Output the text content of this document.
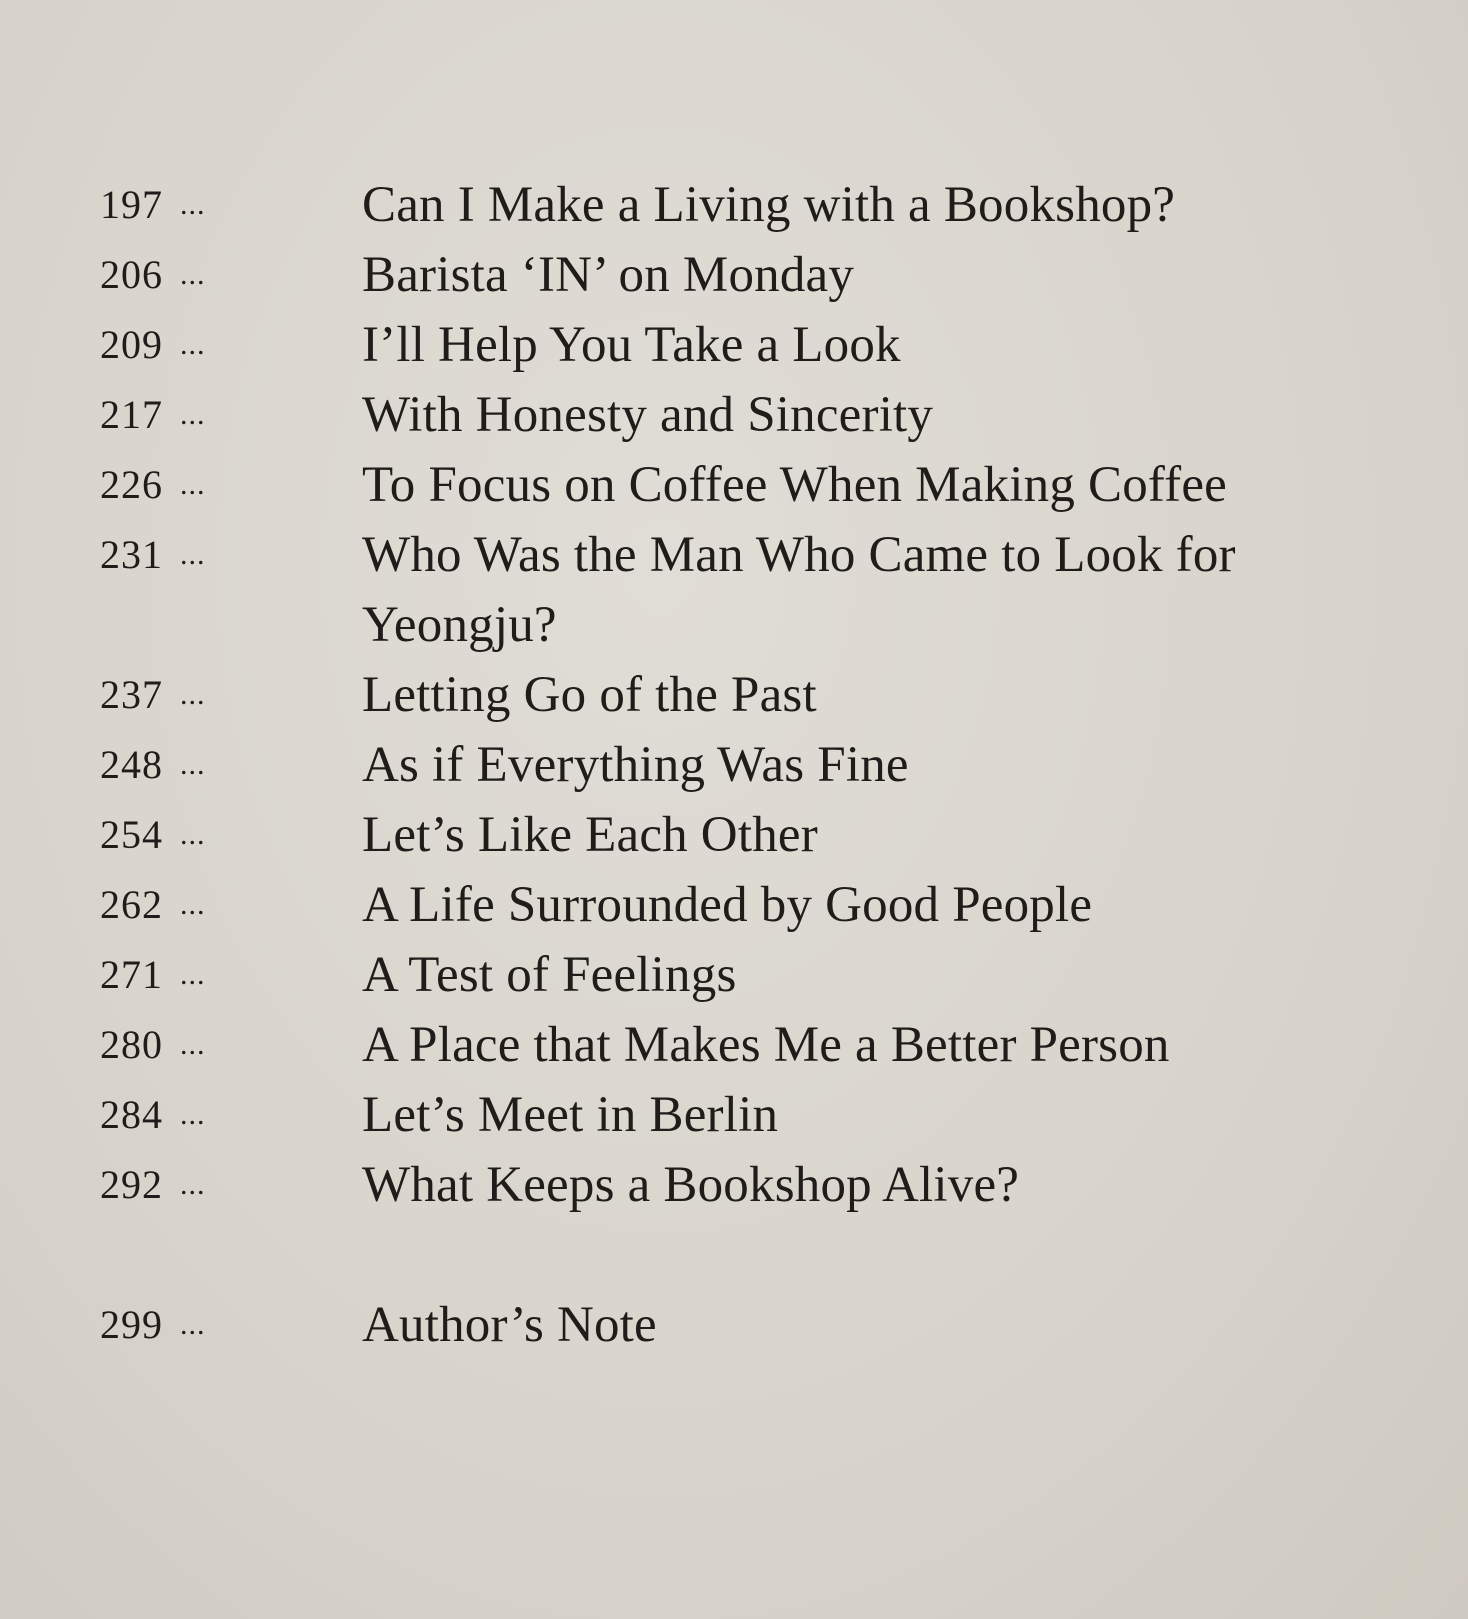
197 ...	Can I Make a Living with a Bookshop?
206 ...	Barista ‘IN’ on Monday
209 ...	I’ll Help You Take a Look
217 ...	With Honesty and Sincerity
226 ...	To Focus on Coffee When Making Coffee
231 ...	Who Was the Man Who Came to Look for Yeongju?
237 ...	Letting Go of the Past
248 ...	As if Everything Was Fine
254 ...	Let’s Like Each Other
262 ...	A Life Surrounded by Good People
271 ...	A Test of Feelings
280 ...	A Place that Makes Me a Better Person
284 ...	Let’s Meet in Berlin
292 ...	What Keeps a Bookshop Alive?
299 ...	Author’s Note
